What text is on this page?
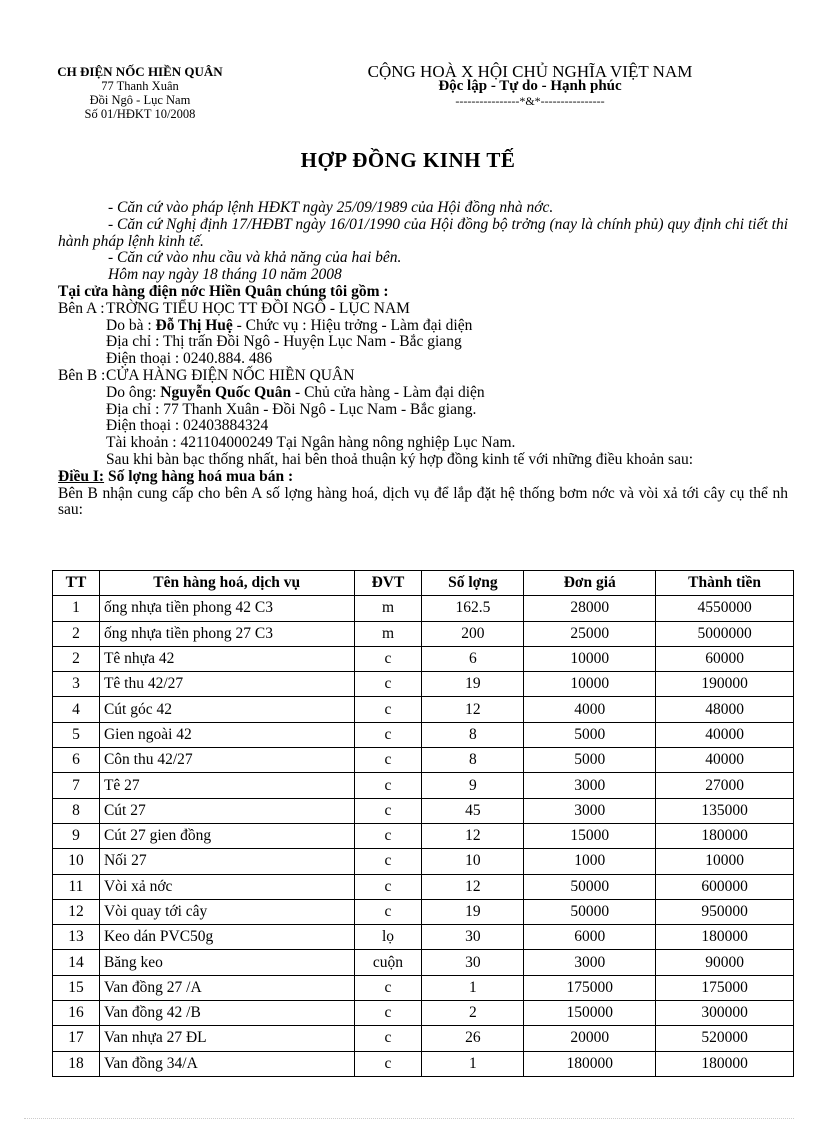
CH ĐIỆN NỐC HIỀN QUÂN
77 Thanh Xuân
Đồi Ngô - Lục Nam
Số 01/HĐKT 10/2008
CỘNG HOÀ X HỘI CHỦ NGHĨA VIỆT NAM
Độc lập - Tự do - Hạnh phúc
----------------*&*----------------
HỢP ĐỒNG KINH TẾ
- Căn cứ vào pháp lệnh HĐKT ngày 25/09/1989 của Hội đồng nhà nớc.
- Căn cứ Nghị định 17/HĐBT ngày 16/01/1990 của Hội đồng bộ trởng (nay là chính phủ) quy định chi tiết thi hành pháp lệnh kinh tế.
- Căn cứ vào nhu cầu và khả năng của hai bên.
Hôm nay ngày 18 tháng 10 năm 2008
Tại cửa hàng điện nớc Hiền Quân chúng tôi gồm :
Bên A :TRỜNG TIỂU HỌC TT ĐỒI NGÔ - LỤC NAM
Do bà : Đỗ Thị Huệ - Chức vụ : Hiệu trởng - Làm đại diện
Địa chỉ : Thị trấn Đồi Ngô - Huyện Lục Nam - Bắc giang
Điện thoại : 0240.884. 486
Bên B :CỬA HÀNG ĐIỆN NỐC HIỀN QUÂN
Do ông: Nguyễn Quốc Quân - Chủ cửa hàng - Làm đại diện
Địa chỉ : 77 Thanh Xuân - Đồi Ngô - Lục Nam - Bắc giang.
Điện thoại : 02403884324
Tài khoản : 421104000249 Tại Ngân hàng nông nghiệp Lục Nam.
Sau khi bàn bạc thống nhất, hai bên thoả thuận ký hợp đồng kinh tế với những điều khoản sau:
Điều I: Số lợng hàng hoá mua bán :
Bên B nhận cung cấp cho bên A số lợng hàng hoá, dịch vụ để lắp đặt hệ thống bơm nớc và vòi xả tới cây cụ thể nh sau:
TT	Tên hàng hoá, dịch vụ	ĐVT	Số lợng	Đơn giá	Thành tiền
1	ống nhựa tiền phong 42 C3	m	162.5	28000	4550000
2	ống nhựa tiền phong 27 C3	m	200	25000	5000000
2	Tê nhựa 42	c	6	10000	60000
3	Tê thu 42/27	c	19	10000	190000
4	Cút góc 42	c	12	4000	48000
5	Gien ngoài 42	c	8	5000	40000
6	Côn thu 42/27	c	8	5000	40000
7	Tê 27	c	9	3000	27000
8	Cút 27	c	45	3000	135000
9	Cút 27 gien đồng	c	12	15000	180000
10	Nối 27	c	10	1000	10000
11	Vòi xả nớc	c	12	50000	600000
12	Vòi quay tới cây	c	19	50000	950000
13	Keo dán PVC50g	lọ	30	6000	180000
14	Băng keo	cuộn	30	3000	90000
15	Van đồng 27 /A	c	1	175000	175000
16	Van đồng 42 /B	c	2	150000	300000
17	Van nhựa 27 ĐL	c	26	20000	520000
18	Van đồng 34/A	c	1	180000	180000
